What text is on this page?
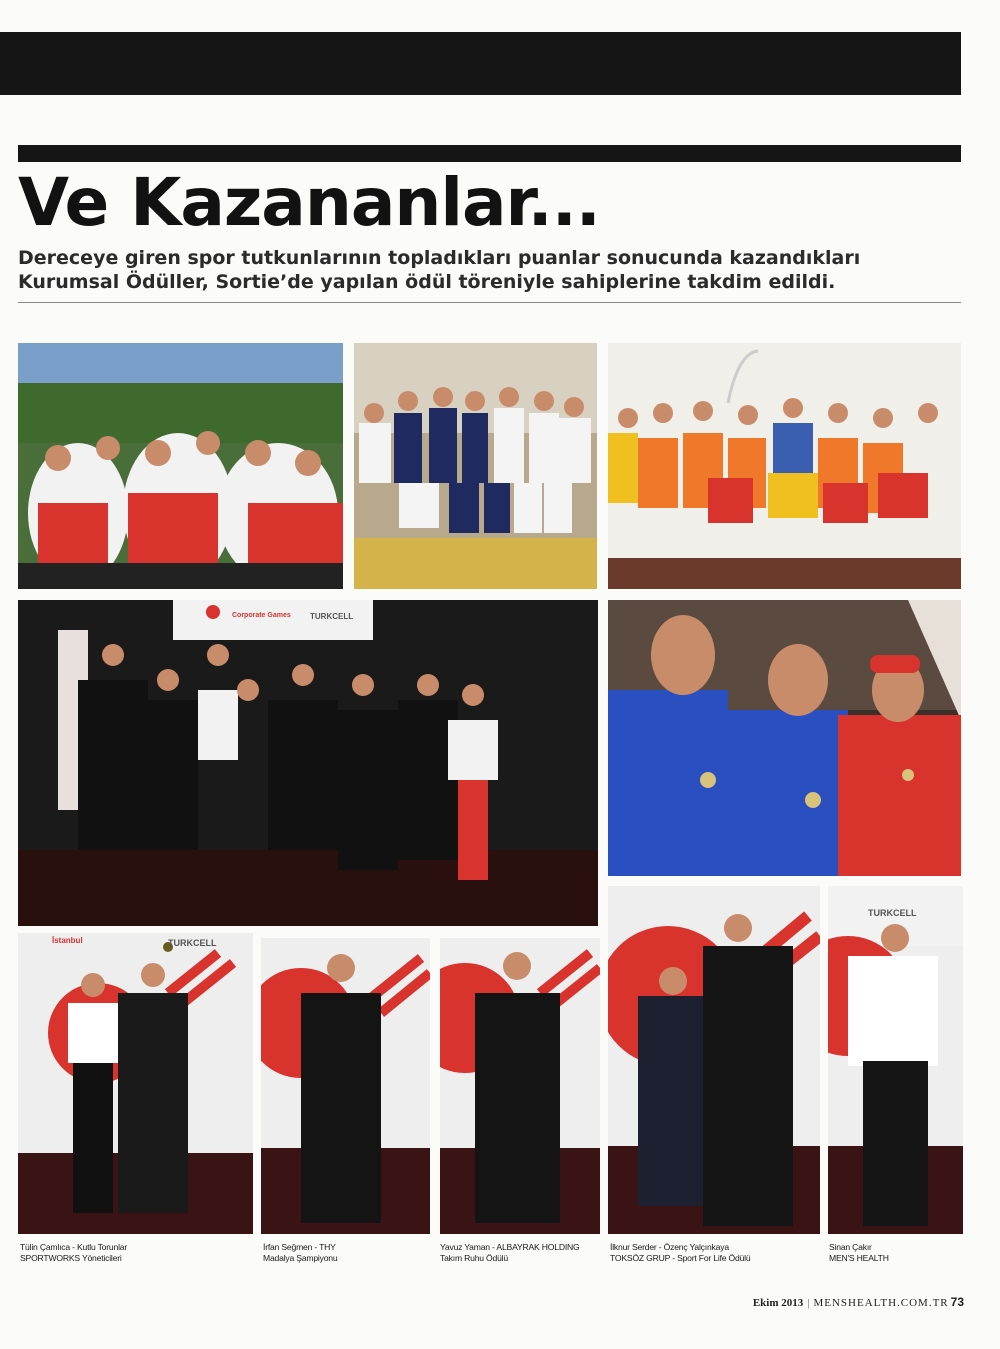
Ve Kazananlar...

Dereceye giren spor tutkunlarının topladıkları puanlar sonucunda kazandıkları
Kurumsal Ödüller, Sortie’de yapılan ödül töreniyle sahiplerine takdim edildi.

Corporate Games TURKCELL
İstanbul	TURKCELL
TURKCELL
Tülin Çamlıca - Kutlu Torunlar
SPORTWORKS Yöneticileri
İrfan Seğmen - THY
Madalya Şampiyonu
Yavuz Yaman - ALBAYRAK HOLDING
Takım Ruhu Ödülü
İlknur Serder - Özenç Yalçınkaya
TOKSÖZ GRUP - Sport For Life Ödülü
Sinan Çakır
MEN'S HEALTH
Ekim 2013 | MENSHEALTH.COM.TR 73
